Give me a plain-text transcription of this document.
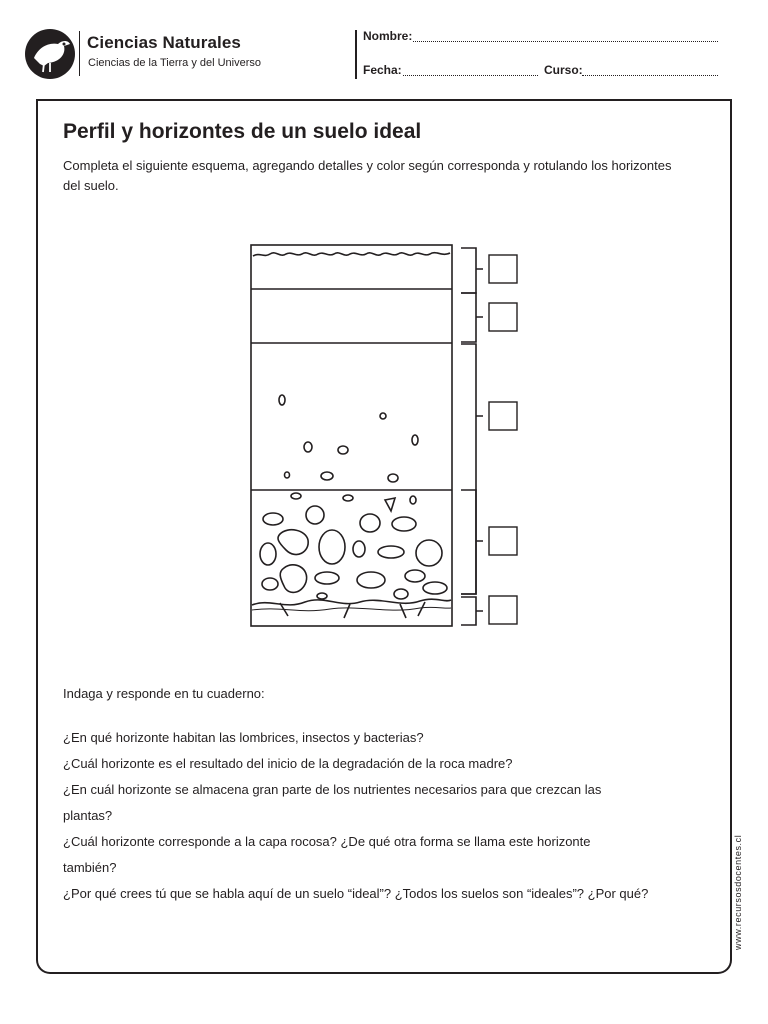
Ciencias Naturales
Ciencias de la Tierra y del Universo
Nombre:
Fecha:	Curso:
Perfil y horizontes de un suelo ideal
Completa el siguiente esquema, agregando detalles y color según corresponda y rotulando los horizontes del suelo.
Indaga y responde en tu cuaderno:
¿En qué horizonte habitan las lombrices, insectos y bacterias?
¿Cuál horizonte es el resultado del inicio de la degradación de la roca madre?
¿En cuál horizonte se almacena gran parte de los nutrientes necesarios para que crezcan las
plantas?
¿Cuál horizonte corresponde a la capa rocosa? ¿De qué otra forma se llama este horizonte
también?
¿Por qué crees tú que se habla aquí de un suelo “ideal”? ¿Todos los suelos son “ideales”? ¿Por qué?	www.recursosdocentes.cl
